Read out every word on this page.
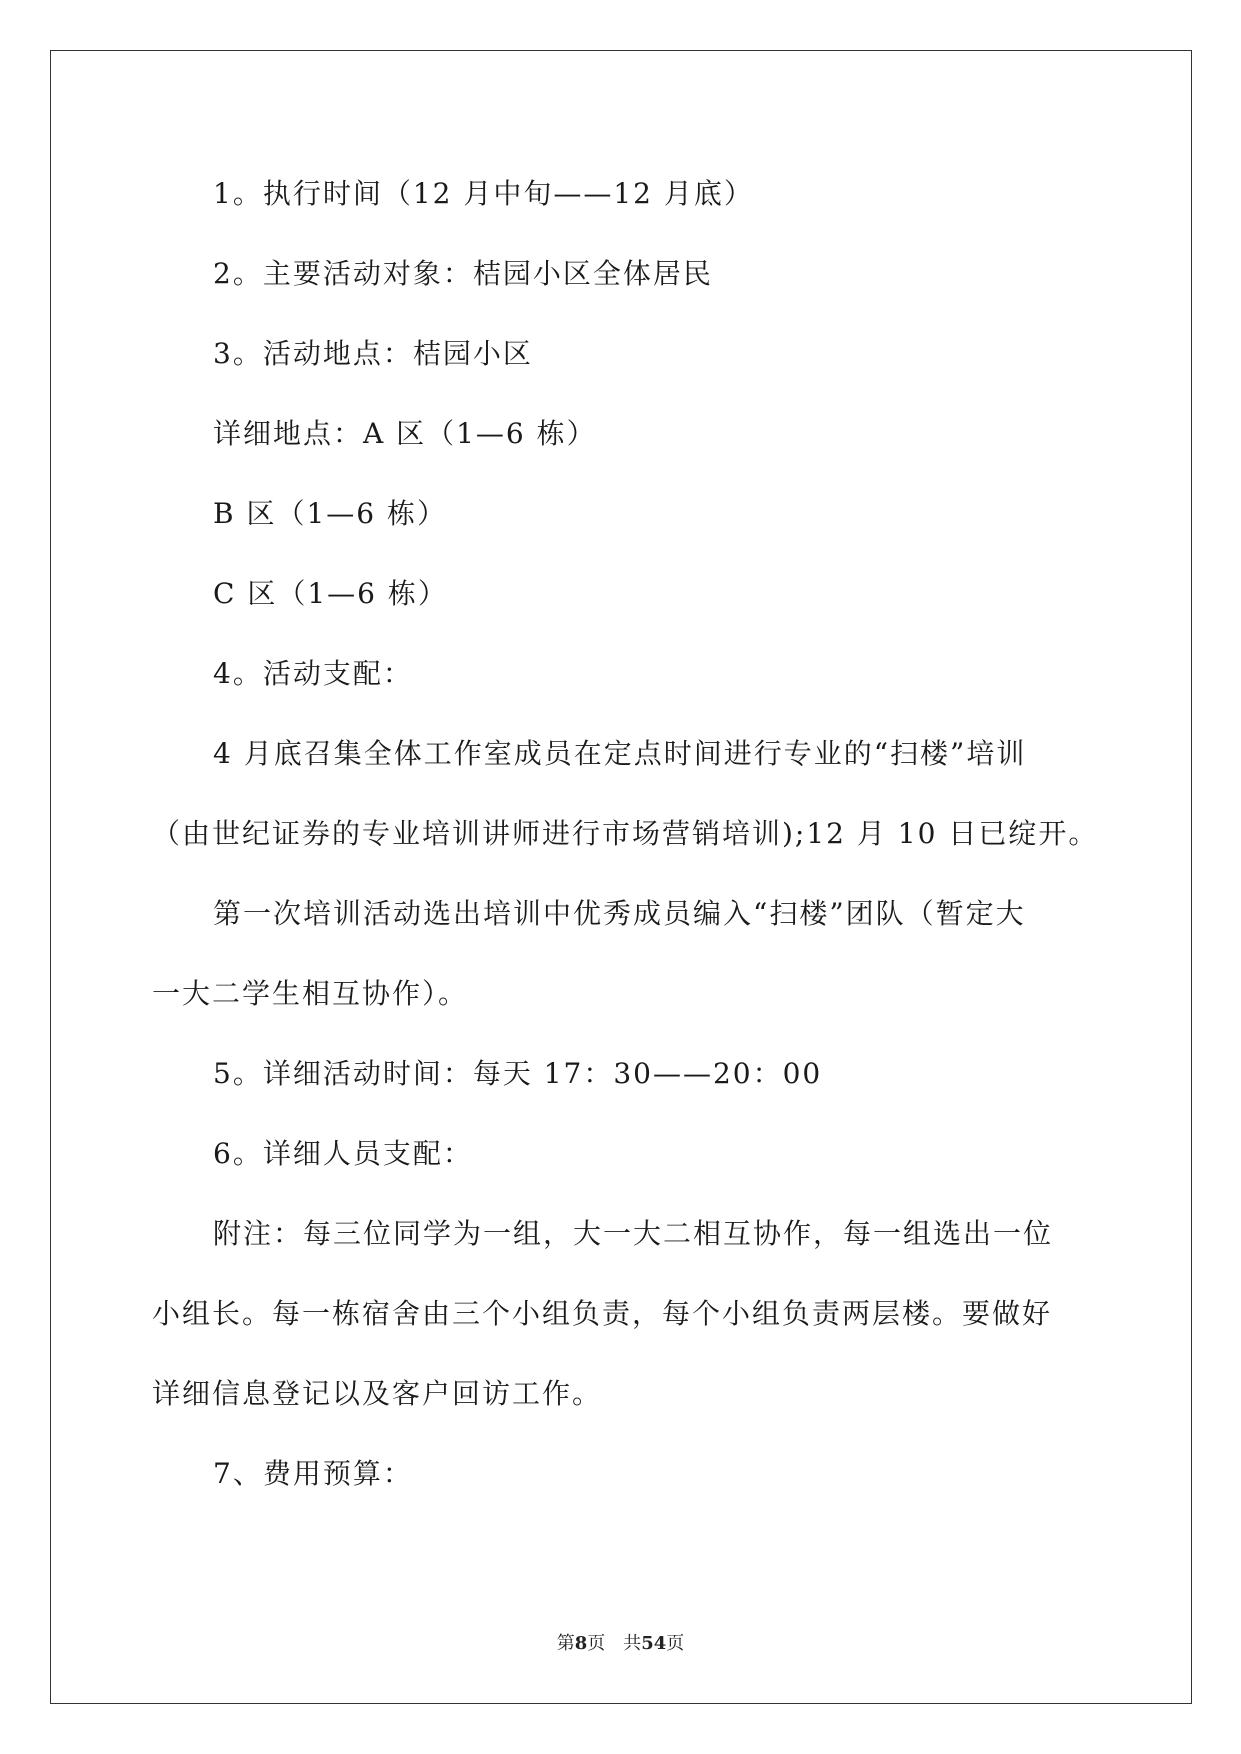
1。执行时间（12 月中旬——12 月底）
2。主要活动对象：桔园小区全体居民
3。活动地点：桔园小区
详细地点：A 区（1—6 栋）
B 区（1—6 栋）
C 区（1—6 栋）
4。活动支配：
4 月底召集全体工作室成员在定点时间进行专业的“扫楼”培训
（由世纪证券的专业培训讲师进行市场营销培训);12 月 10 日已绽开。
第一次培训活动选出培训中优秀成员编入“扫楼”团队（暂定大
一大二学生相互协作）。
5。详细活动时间：每天 17：30——20：00
6。详细人员支配：
附注：每三位同学为一组，大一大二相互协作，每一组选出一位
小组长。每一栋宿舍由三个小组负责，每个小组负责两层楼。要做好
详细信息登记以及客户回访工作。
7、费用预算：
第8页　共54页
